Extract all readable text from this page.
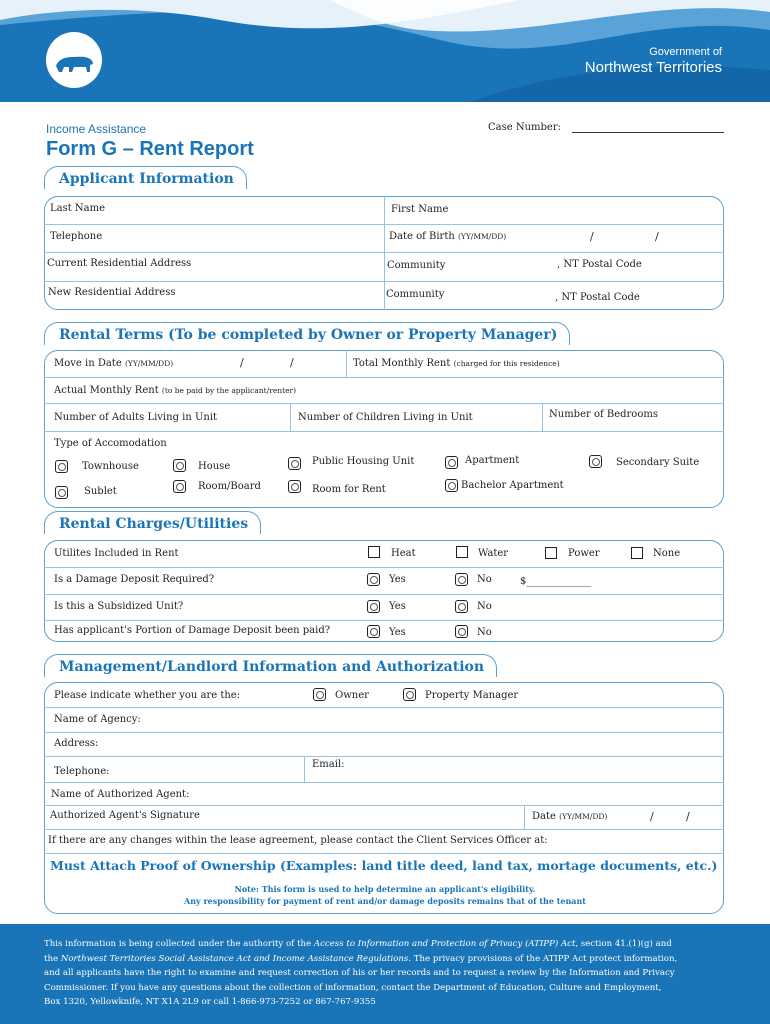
Government of
Northwest Territories
Income Assistance	Case Number:
Form G – Rent Report
Applicant Information
Last Name	First Name
Telephone	Date of Birth (YY/MM/DD)	/	/
Current Residential Address	Community	, NT Postal Code
New Residential Address	Community	, NT Postal Code
Rental Terms (To be completed by Owner or Property Manager)
Move in Date (YY/MM/DD)	/	/	Total Monthly Rent (charged for this residence)
Actual Monthly Rent (to be paid by the applicant/renter)
Number of Adults Living in Unit	Number of Children Living in Unit	Number of Bedrooms
Type of Accomodation
Townhouse	House	Public Housing Unit	Apartment	Secondary Suite
Sublet	Room/Board	Room for Rent	Bachelor Apartment
Rental Charges/Utilities
Utilites Included in Rent	Heat	Water	Power	None
Is a Damage Deposit Required?	Yes	No	$_____________
Is this a Subsidized Unit?	Yes	No
Has applicant's Portion of Damage Deposit been paid?	Yes	No
Management/Landlord Information and Authorization
Please indicate whether you are the:	Owner	Property Manager
Name of Agency:
Address:
Telephone:
Email:
Name of Authorized Agent:
Authorized Agent's Signature	Date (YY/MM/DD)	/	/
If there are any changes within the lease agreement, please contact the Client Services Officer at:
Must Attach Proof of Ownership (Examples: land title deed, land tax, mortage documents, etc.)
Note: This form is used to help determine an applicant's eligibility.
Any responsibility for payment of rent and/or damage deposits remains that of the tenant

This information is being collected under the authority of the Access to Information and Protection of Privacy (ATIPP) Act, section 41.(1)(g) and

the Northwest Territories Social Assistance Act and Income Assistance Regulations. The privacy provisions of the ATIPP Act protect information,

and all applicants have the right to examine and request correction of his or her records and to request a review by the Information and Privacy

Commissioner. If you have any questions about the collection of information, contact the Department of Education, Culture and Employment,

Box 1320, Yellowknife, NT X1A 2L9 or call 1-866-973-7252 or 867-767-9355
